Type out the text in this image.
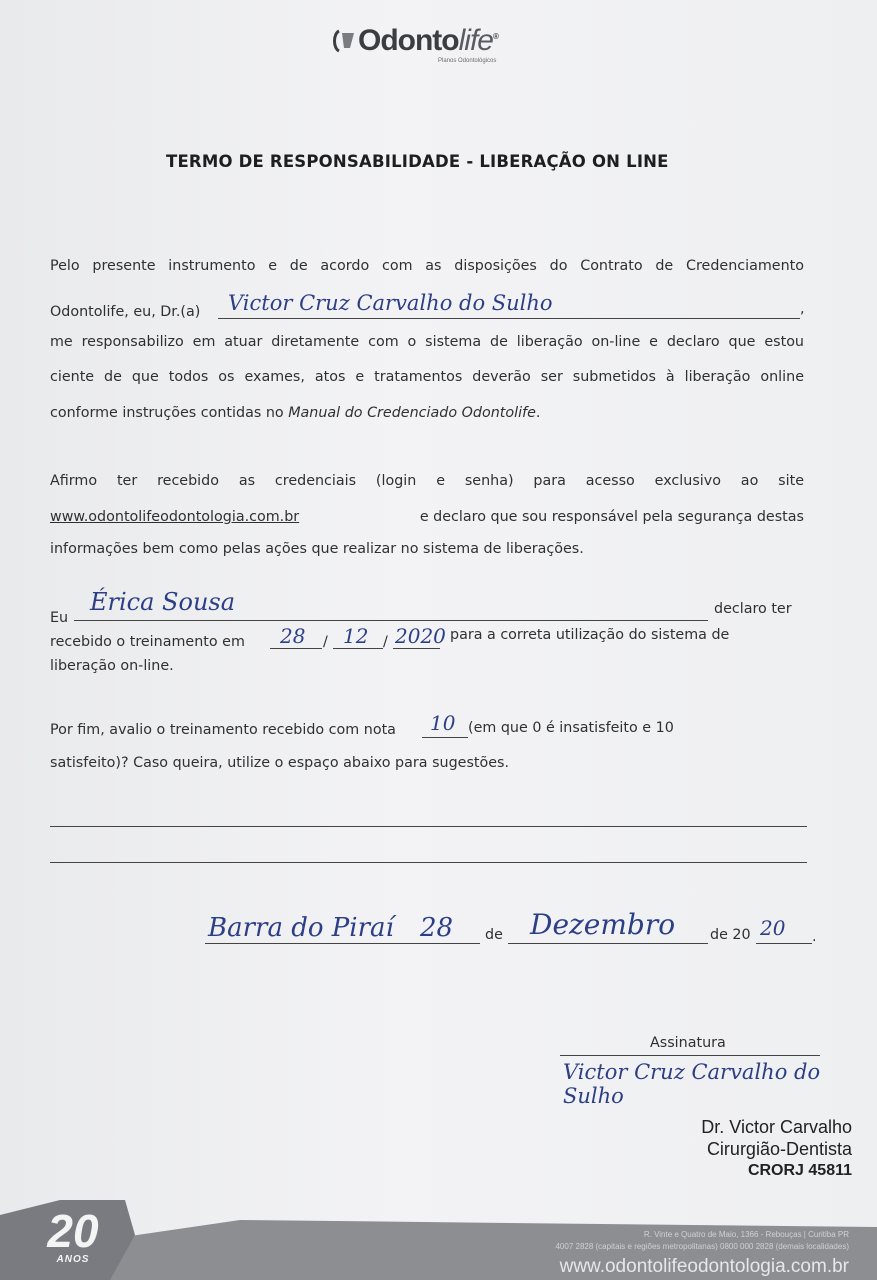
Odontolife®
Planos Odontológicos
TERMO DE RESPONSABILIDADE - LIBERAÇÃO ON LINE
Pelo presente instrumento e de acordo com as disposições do Contrato de Credenciamento
Odontolife, eu, Dr.(a)	Victor Cruz Carvalho do Sulho	,
me responsabilizo em atuar diretamente com o sistema de liberação on-line e declaro que estou
ciente de que todos os exames, atos e tratamentos deverão ser submetidos à liberação online
conforme instruções contidas no Manual do Credenciado Odontolife.
Afirmo ter recebido as credenciais (login e senha) para acesso exclusivo ao site
www.odontolifeodontologia.com.br	e declaro que sou responsável pela segurança destas
informações bem como pelas ações que realizar no sistema de liberações.
Eu
Érica Sousa	declaro ter
recebido o treinamento em 28 / 12 / 2020 para a correta utilização do sistema de
liberação on-line.
Por fim, avalio o treinamento recebido com nota 10 (em que 0 é insatisfeito e 10
satisfeito)? Caso queira, utilize o espaço abaixo para sugestões.
Barra do Piraí 28 de Dezembro de 20 20 .
Assinatura
Victor Cruz Carvalho do Sulho
Dr. Victor Carvalho
Cirurgião-Dentista
CRORJ 45811
20
ANOS
R. Vinte e Quatro de Maio, 1366 - Rebouças | Curitiba PR
4007 2828 (capitais e regiões metropolitanas) 0800 000 2828 (demais localidades)
www.odontolifeodontologia.com.br
